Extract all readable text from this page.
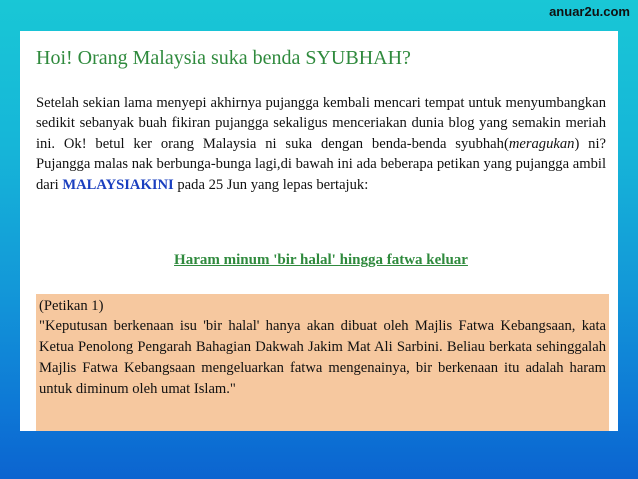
anuar2u.com
Hoi! Orang Malaysia suka benda SYUBHAH?

Setelah sekian lama menyepi akhirnya pujangga kembali mencari tempat untuk menyumbangkan sedikit sebanyak buah fikiran pujangga sekaligus menceriakan dunia blog yang semakin meriah ini. Ok! betul ker orang Malaysia ni suka dengan benda-benda syubhah(meragukan) ni? Pujangga malas nak berbunga-bunga lagi,di bawah ini ada beberapa petikan yang pujangga ambil dari MALAYSIAKINI pada 25 Jun yang lepas bertajuk:

Haram minum 'bir halal' hingga fatwa keluar
(Petikan 1)

"Keputusan berkenaan isu 'bir halal' hanya akan dibuat oleh Majlis Fatwa Kebangsaan, kata Ketua Penolong Pengarah Bahagian Dakwah Jakim Mat Ali Sarbini. Beliau berkata sehinggalah Majlis Fatwa Kebangsaan mengeluarkan fatwa mengenainya, bir berkenaan itu adalah haram untuk diminum oleh umat Islam."
